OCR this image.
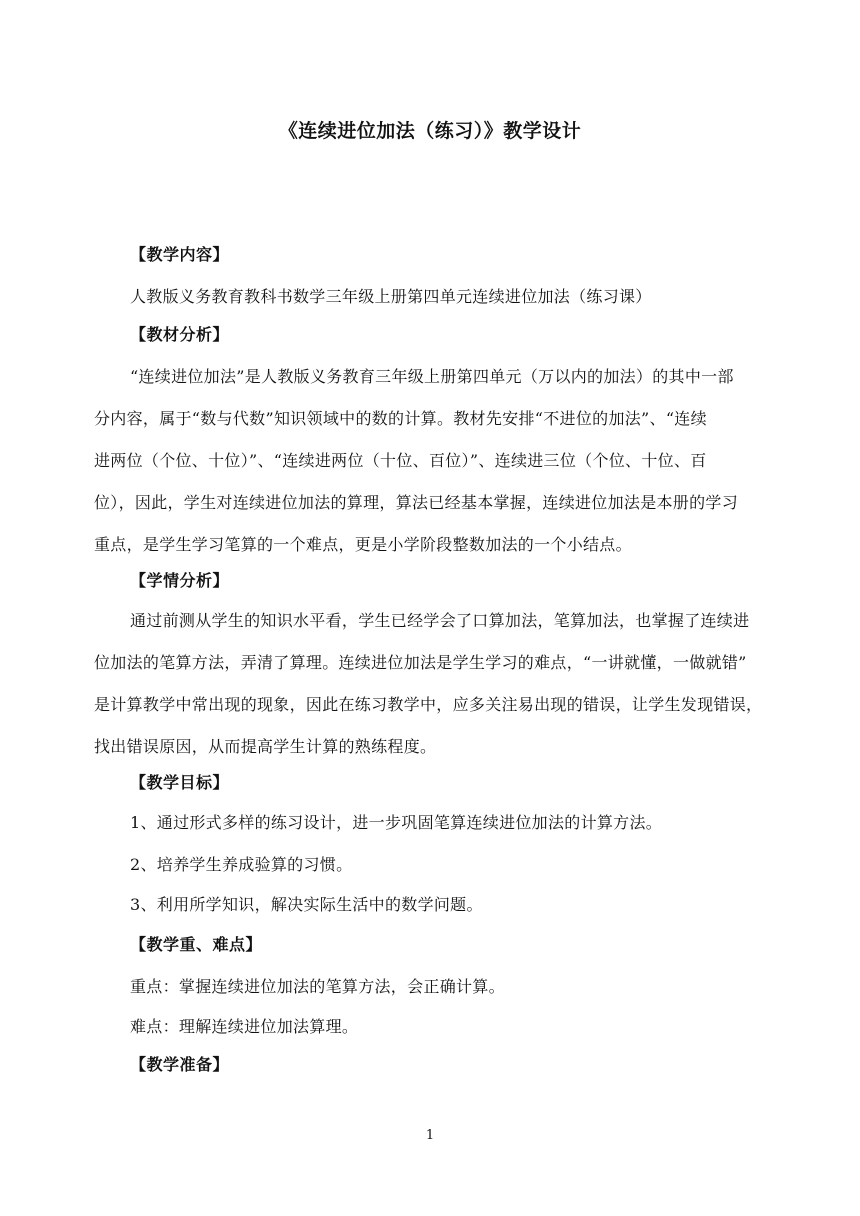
《连续进位加法（练习）》教学设计
【教学内容】
人教版义务教育教科书数学三年级上册第四单元连续进位加法（练习课）
【教材分析】
“连续进位加法”是人教版义务教育三年级上册第四单元（万以内的加法）的其中一部
分内容，属于“数与代数”知识领域中的数的计算。教材先安排“不进位的加法”、“连续
进两位（个位、十位）”、“连续进两位（十位、百位）”、连续进三位（个位、十位、百
位），因此，学生对连续进位加法的算理，算法已经基本掌握，连续进位加法是本册的学习
重点，是学生学习笔算的一个难点，更是小学阶段整数加法的一个小结点。
【学情分析】
通过前测从学生的知识水平看，学生已经学会了口算加法，笔算加法，也掌握了连续进
位加法的笔算方法，弄清了算理。连续进位加法是学生学习的难点，“一讲就懂，一做就错”
是计算教学中常出现的现象，因此在练习教学中，应多关注易出现的错误，让学生发现错误，
找出错误原因，从而提高学生计算的熟练程度。
【教学目标】
1、通过形式多样的练习设计，进一步巩固笔算连续进位加法的计算方法。
2、培养学生养成验算的习惯。
3、利用所学知识，解决实际生活中的数学问题。
【教学重、难点】
重点：掌握连续进位加法的笔算方法，会正确计算。
难点：理解连续进位加法算理。
【教学准备】
1
